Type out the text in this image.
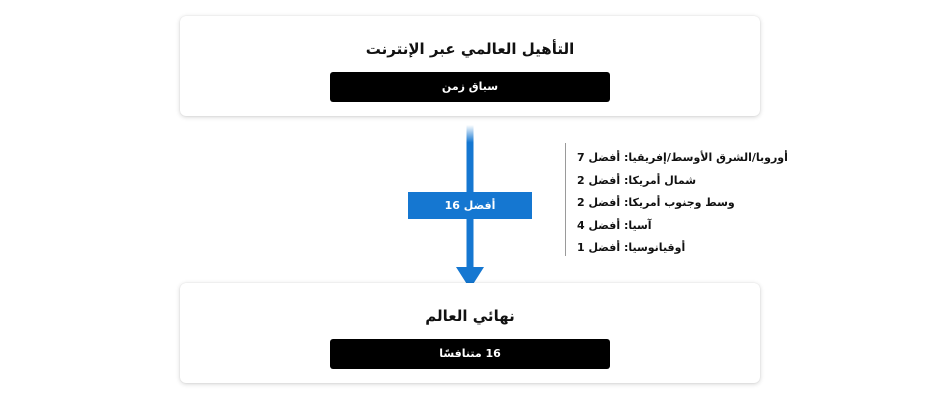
التأهيل العالمي عبر الإنترنت
سباق زمن
أفضل 16
أوروبا/الشرق الأوسط/إفريقيا: أفضل 7
شمال أمريكا: أفضل 2
وسط وجنوب أمريكا: أفضل 2
آسيا: أفضل 4
أوقيانوسيا: أفضل 1
نهائي العالم
16 متنافسًا
